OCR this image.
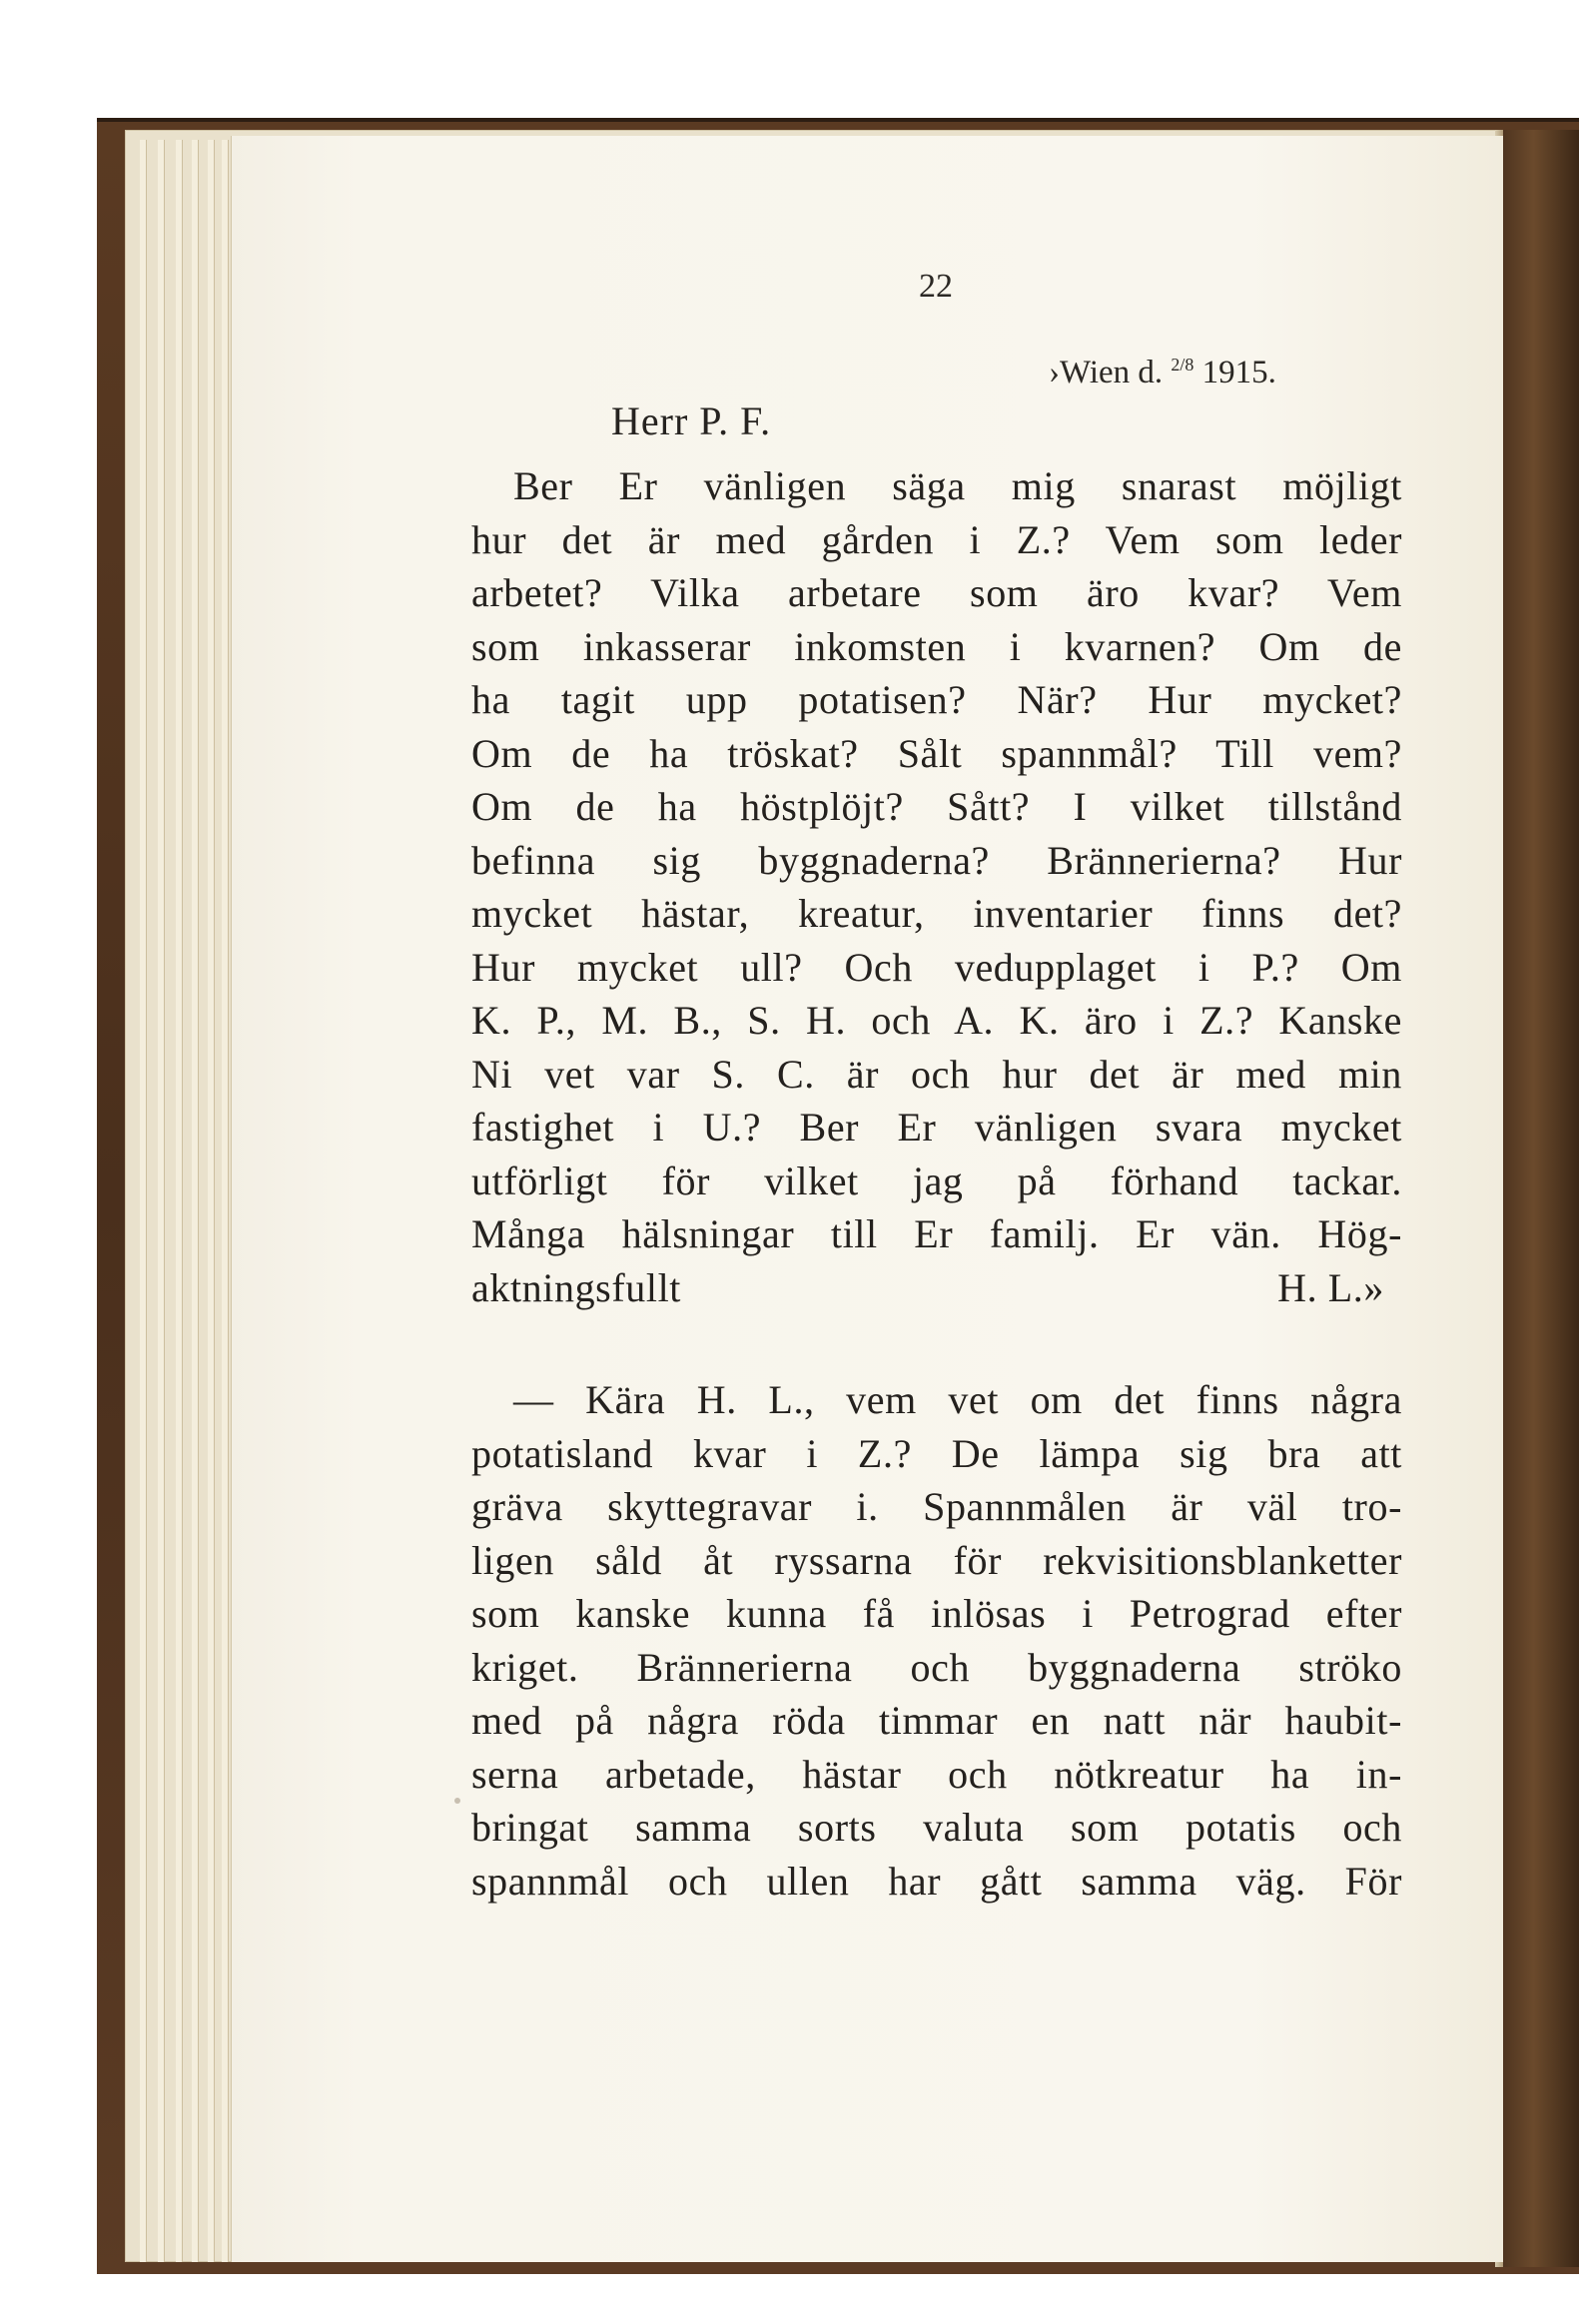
22
›Wien d. $^{2/8}$ 1915.
Herr P. F.
Ber Er vänligen säga mig snarast möjligt
hur det är med gården i Z.? Vem som leder
arbetet? Vilka arbetare som äro kvar? Vem
som inkasserar inkomsten i kvarnen? Om de
ha tagit upp potatisen? När? Hur mycket?
Om de ha tröskat? Sålt spannmål? Till vem?
Om de ha höstplöjt? Sått? I vilket tillstånd
befinna sig byggnaderna? Brännerierna? Hur
mycket hästar, kreatur, inventarier finns det?
Hur mycket ull? Och vedupplaget i P.? Om
K. P., M. B., S. H. och A. K. äro i Z.? Kanske
Ni vet var S. C. är och hur det är med min
fastighet i U.? Ber Er vänligen svara mycket
utförligt för vilket jag på förhand tackar.
Många hälsningar till Er familj. Er vän. Hög-
aktningsfullt	H. L.»
— Kära H. L., vem vet om det finns några
potatisland kvar i Z.? De lämpa sig bra att
gräva skyttegravar i. Spannmålen är väl tro-
ligen såld åt ryssarna för rekvisitionsblanketter
som kanske kunna få inlösas i Petrograd efter
kriget. Brännerierna och byggnaderna ströko
med på några röda timmar en natt när haubit-
serna arbetade, hästar och nötkreatur ha in-
bringat samma sorts valuta som potatis och
spannmål och ullen har gått samma väg. För
